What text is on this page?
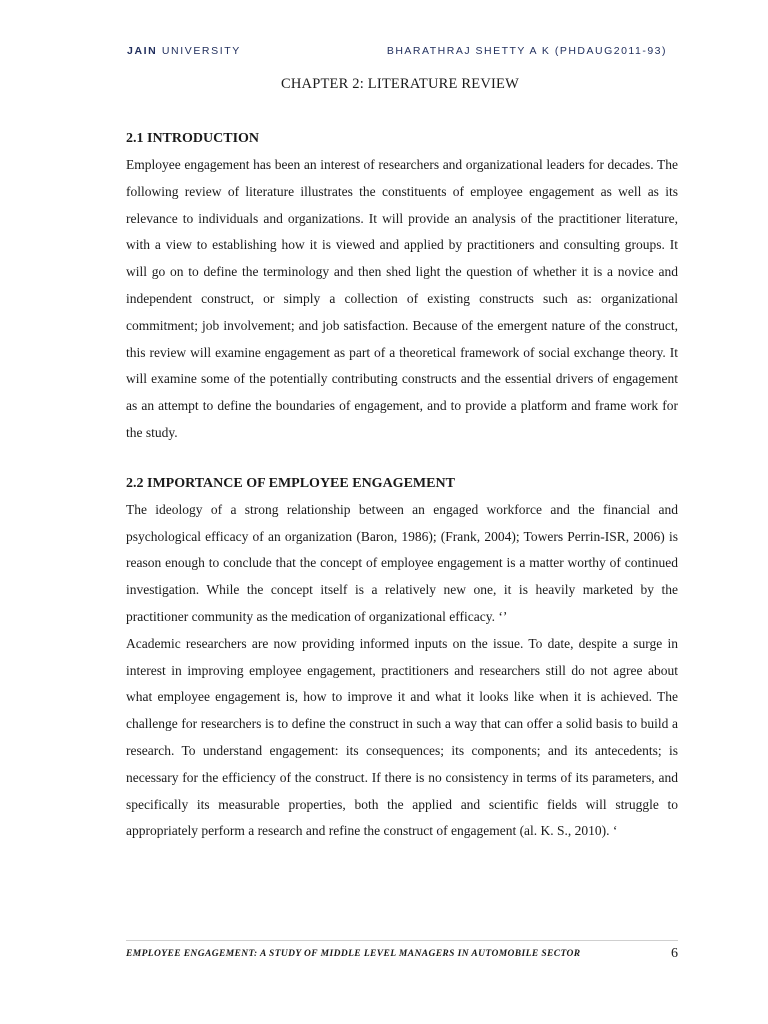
JAIN UNIVERSITY	BHARATHRAJ SHETTY A K (PHDAUG2011-93)
CHAPTER 2: LITERATURE REVIEW
2.1 INTRODUCTION

Employee engagement has been an interest of researchers and organizational leaders for decades. The following review of literature illustrates the constituents of employee engagement as well as its relevance to individuals and organizations. It will provide an analysis of the practitioner literature, with a view to establishing how it is viewed and applied by practitioners and consulting groups. It will go on to define the terminology and then shed light the question of whether it is a novice and independent construct, or simply a collection of existing constructs such as: organizational commitment; job involvement; and job satisfaction. Because of the emergent nature of the construct, this review will examine engagement as part of a theoretical framework of social exchange theory. It will examine some of the potentially contributing constructs and the essential drivers of engagement as an attempt to define the boundaries of engagement, and to provide a platform and frame work for the study.

2.2 IMPORTANCE OF EMPLOYEE ENGAGEMENT

The ideology of a strong relationship between an engaged workforce and the financial and psychological efficacy of an organization (Baron, 1986); (Frank, 2004); Towers Perrin-ISR, 2006) is reason enough to conclude that the concept of employee engagement is a matter worthy of continued investigation. While the concept itself is a relatively new one, it is heavily marketed by the practitioner community as the medication of organizational efficacy. ‘’

Academic researchers are now providing informed inputs on the issue. To date, despite a surge in interest in improving employee engagement, practitioners and researchers still do not agree about what employee engagement is, how to improve it and what it looks like when it is achieved. The challenge for researchers is to define the construct in such a way that can offer a solid basis to build a research. To understand engagement: its consequences; its components; and its antecedents; is necessary for the efficiency of the construct. If there is no consistency in terms of its parameters, and specifically its measurable properties, both the applied and scientific fields will struggle to appropriately perform a research and refine the construct of engagement (al. K. S., 2010). ‘

EMPLOYEE ENGAGEMENT: A STUDY OF MIDDLE LEVEL MANAGERS IN AUTOMOBILE SECTOR	6
